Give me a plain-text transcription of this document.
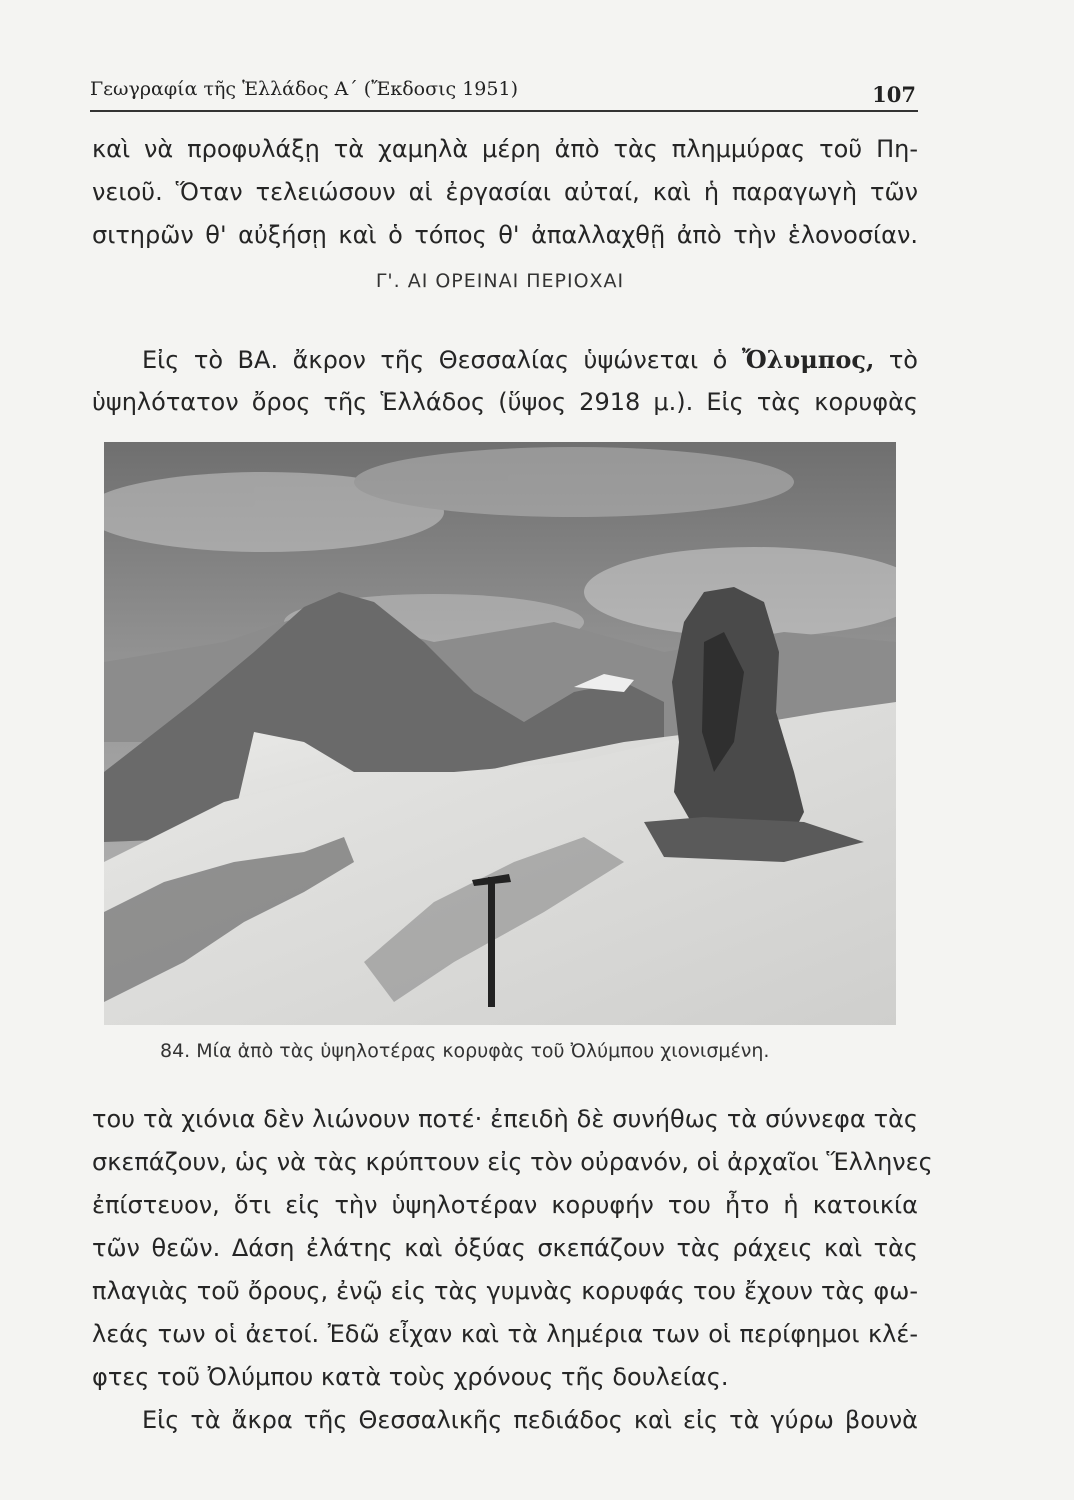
Γεωγραφία τῆς Ἑλλάδος Α΄ (Ἔκδοσις 1951)	107
καὶ νὰ προφυλάξῃ τὰ χαμηλὰ μέρη ἀπὸ τὰς πλημμύρας τοῦ Πη-
νειοῦ. Ὅταν τελειώσουν αἱ ἐργασίαι αὐταί, καὶ ἡ παραγωγὴ τῶν
σιτηρῶν θ' αὐξήσῃ καὶ ὁ τόπος θ' ἀπαλλαχθῇ ἀπὸ τὴν ἑλονοσίαν.
Γ'. ΑΙ ΟΡΕΙΝΑΙ ΠΕΡΙΟΧΑΙ
Εἰς τὸ ΒΑ. ἄκρον τῆς Θεσσαλίας ὑψώνεται ὁ Ὄλυμπος, τὸ
ὑψηλότατον ὄρος τῆς Ἑλλάδος (ὕψος 2918 μ.). Εἰς τὰς κορυφὰς
84. Μία ἀπὸ τὰς ὑψηλοτέρας κορυφὰς τοῦ Ὀλύμπου χιονισμένη.
του τὰ χιόνια δὲν λιώνουν ποτέ· ἐπειδὴ δὲ συνήθως τὰ σύννεφα τὰς
σκεπάζουν, ὡς νὰ τὰς κρύπτουν εἰς τὸν οὐρανόν, οἱ ἀρχαῖοι Ἕλληνες
ἐπίστευον, ὅτι εἰς τὴν ὑψηλοτέραν κορυφήν του ἦτο ἡ κατοικία
τῶν θεῶν. Δάση ἐλάτης καὶ ὀξύας σκεπάζουν τὰς ράχεις καὶ τὰς
πλαγιὰς τοῦ ὄρους, ἐνῷ εἰς τὰς γυμνὰς κορυφάς του ἔχουν τὰς φω-
λεάς των οἱ ἀετοί. Ἐδῶ εἶχαν καὶ τὰ λημέρια των οἱ περίφημοι κλέ-
φτες τοῦ Ὀλύμπου κατὰ τοὺς χρόνους τῆς δουλείας.
Εἰς τὰ ἄκρα τῆς Θεσσαλικῆς πεδιάδος καὶ εἰς τὰ γύρω βουνὰ
